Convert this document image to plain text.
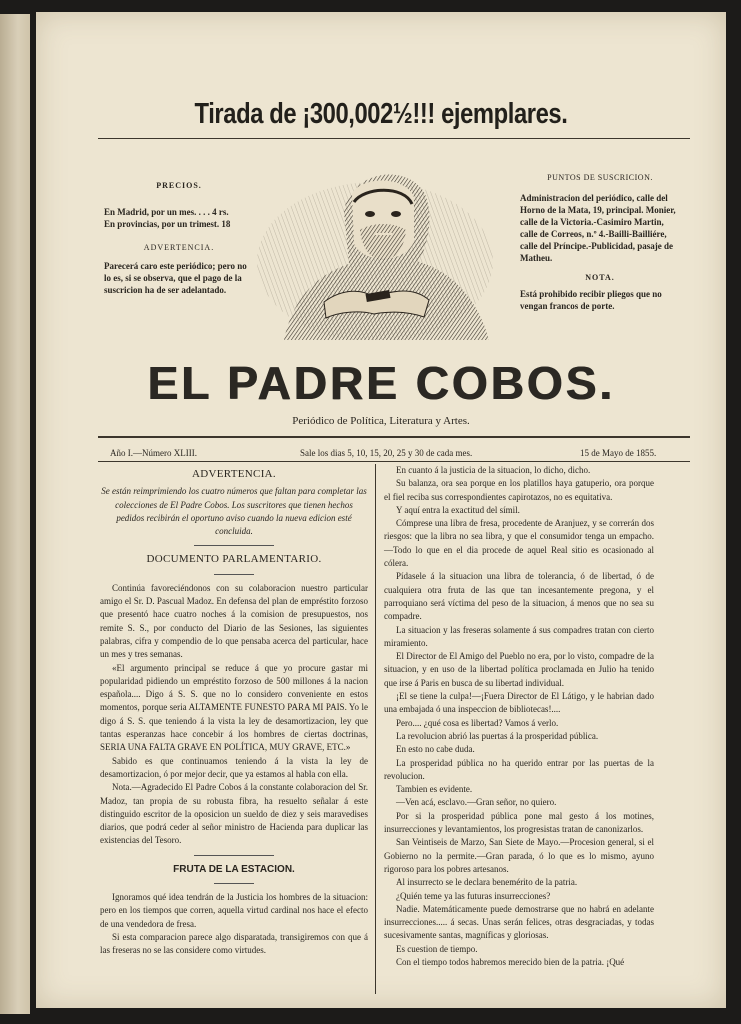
Tirada de ¡300,002½!!! ejemplares.
PRECIOS.
En Madrid, por un mes. . . . 4 rs.
En provincias, por un trimest. 18
ADVERTENCIA.
Parecerá caro este periódico; pero no lo es, si se observa, que el pago de la suscricion ha de ser adelantado.
PUNTOS DE SUSCRICION.
Administracion del periódico, calle del Horno de la Mata, 19, principal. Monier, calle de la Victoria.-Casimiro Martin, calle de Correos, n.º 4.-Bailli-Bailliére, calle del Príncipe.-Publicidad, pasaje de Matheu.
NOTA.
Está prohibido recibir pliegos que no vengan francos de porte.
EL PADRE COBOS.
Periódico de Política, Literatura y Artes.
Año I.—Número XLIII.	Sale los dias 5, 10, 15, 20, 25 y 30 de cada mes.	15 de Mayo de 1855.
ADVERTENCIA.

Se están reimprimiendo los cuatro números que faltan para completar las colecciones de El Padre Cobos. Los suscritores que tienen hechos pedidos recibirán el oportuno aviso cuando la nueva edicion esté concluida.

DOCUMENTO PARLAMENTARIO.

Continúa favoreciéndonos con su colaboracion nuestro particular amigo el Sr. D. Pascual Madoz. En defensa del plan de empréstito forzoso que presentó hace cuatro noches á la comision de presupuestos, nos remite S. S., por conducto del Diario de las Sesiones, las siguientes palabras, cifra y compendio de lo que pensaba acerca del particular, hace un mes y tres semanas.

«El argumento principal se reduce á que yo procure gastar mi popularidad pidiendo un empréstito forzoso de 500 millones á la nacion española.... Digo á S. S. que no lo considero conveniente en estos momentos, porque seria ALTAMENTE FUNESTO PARA MI PAIS. Yo le digo á S. S. que teniendo á la vista la ley de desamortizacion, ley que tantas esperanzas hace concebir á los hombres de ciertas doctrinas, SERIA UNA FALTA GRAVE EN POLÍTICA, MUY GRAVE, ETC.»

Sabido es que continuamos teniendo á la vista la ley de desamortizacion, ó por mejor decir, que ya estamos al habla con ella.

Nota.—Agradecido El Padre Cobos á la constante colaboracion del Sr. Madoz, tan propia de su robusta fibra, ha resuelto señalar á este distinguido escritor de la oposicion un sueldo de diez y seis maravedises diarios, que podrá ceder al señor ministro de Hacienda para duplicar las existencias del Tesoro.

FRUTA DE LA ESTACION.

Ignoramos qué idea tendrán de la Justicia los hombres de la situacion: pero en los tiempos que corren, aquella virtud cardinal nos hace el efecto de una vendedora de fresa.

Si esta comparacion parece algo disparatada, transigiremos con que á las freseras no se las considere como virtudes.

En cuanto á la justicia de la situacion, lo dicho, dicho.

Su balanza, ora sea porque en los platillos haya gatuperio, ora porque el fiel reciba sus correspondientes capirotazos, no es equitativa.

Y aquí entra la exactitud del símil.

Cómprese una libra de fresa, procedente de Aranjuez, y se correrán dos riesgos: que la libra no sea libra, y que el consumidor tenga un empacho.—Todo lo que en el dia procede de aquel Real sitio es ocasionado al cólera.

Pídasele á la situacion una libra de tolerancia, ó de libertad, ó de cualquiera otra fruta de las que tan incesantemente pregona, y el parroquiano será víctima del peso de la situacion, á menos que no sea su compadre.

La situacion y las freseras solamente á sus compadres tratan con cierto miramiento.

El Director de El Amigo del Pueblo no era, por lo visto, compadre de la situacion, y en uso de la libertad política proclamada en Julio ha tenido que irse á Paris en busca de su libertad individual.

¡El se tiene la culpa!—¡Fuera Director de El Látigo, y le habrian dado una embajada ó una inspeccion de bibliotecas!....

Pero.... ¿qué cosa es libertad? Vamos á verlo.

La revolucion abrió las puertas á la prosperidad pública.

En esto no cabe duda.

La prosperidad pública no ha querido entrar por las puertas de la revolucion.

Tambien es evidente.

—Ven acá, esclavo.—Gran señor, no quiero.

Por si la prosperidad pública pone mal gesto á los motines, insurrecciones y levantamientos, los progresistas tratan de canonizarlos.

San Veintiseis de Marzo, San Siete de Mayo.—Procesion general, si el Gobierno no la permite.—Gran parada, ó lo que es lo mismo, ayuno rigoroso para los pobres artesanos.

Al insurrecto se le declara benemérito de la patria.

¿Quién teme ya las futuras insurrecciones?

Nadie. Matemáticamente puede demostrarse que no habrá en adelante insurrecciones..... á secas. Unas serán felices, otras desgraciadas, y todas sucesivamente santas, magníficas y gloriosas.

Es cuestion de tiempo.

Con el tiempo todos habremos merecido bien de la patria. ¡Qué
